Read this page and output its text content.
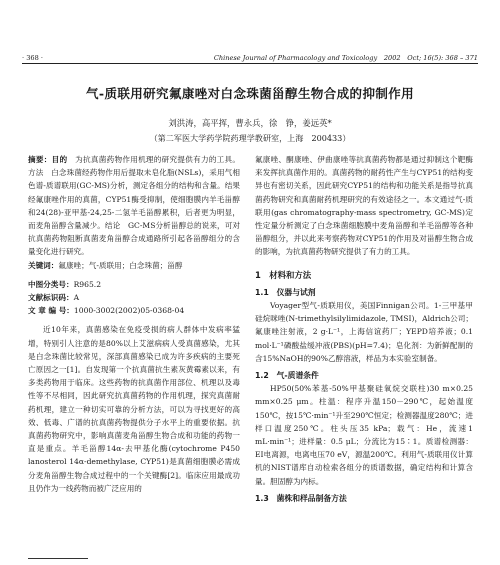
· 368 ·	Chinese Journal of Pharmacology and Toxicology　2002　Oct; 16(5): 368 – 371
气-质联用研究氟康唑对白念珠菌甾醇生物合成的抑制作用
刘洪涛，高平挥，曹永兵，徐　铮，姜远英*
（第二军医大学药学院药理学教研室，上海　200433）

摘要：目的　为抗真菌药物作用机理的研究提供有力的工具。方法　白念珠菌经药物作用后提取未皂化脂(NSLs)，采用气相色谱-质谱联用(GC-MS)分析，测定各组分的结构和含量。结果　经氟康唑作用的真菌，CYP51酶受抑制，使细胞膜内羊毛甾醇和24(28)-亚甲基-24,25-二氢羊毛甾醇累积，后者更为明显，而麦角甾醇含量减少。结论　GC-MS分析甾醇总的说来，可对抗真菌药物阻断真菌麦角甾醇合成通路所引起各甾醇组分的含量变化进行研究。

关键词：氟康唑；气-质联用；白念珠菌；甾醇

中图分类号：R965.2
文献标识码：A
文 章 编 号：1000-3002(2002)05-0368-04

近10年来，真菌感染在免疫受损的病人群体中发病率猛增，特别引人注意的是80%以上艾滋病病人受真菌感染，尤其是白念珠菌比较常见，深部真菌感染已成为许多疾病的主要死亡原因之一[1]。自发现第一个抗真菌抗生素灰黄霉素以来，有多类药物用于临床。这些药物的抗真菌作用部位、机理以及毒性等不尽相同，因此研究抗真菌药物的作用机理，探究真菌耐药机理，建立一种切实可靠的分析方法，可以为寻找更好的高效、低毒、广谱的抗真菌药物提供分子水平上的重要依据。抗真菌药物研究中，影响真菌麦角甾醇生物合成和功能的药物一直是重点。羊毛甾醇14α-去甲基化酶(cytochrome P450 lanosterol 14α-demethylase, CYP51)是真菌细胞膜必需成分麦角甾醇生物合成过程中的一个关键酶[2]。临床应用最成功且仍作为一线药物而被广泛应用的

氟康唑、酮康唑、伊曲康唑等抗真菌药物都是通过抑制这个靶酶来发挥抗真菌作用的。真菌药物的耐药性产生与CYP51的结构变异也有密切关系，因此研究CYP51的结构和功能关系是指导抗真菌药物研究和真菌耐药机理研究的有效途径之一。本文通过气-质联用(gas chromatography-mass spectrometry, GC-MS)定性定量分析测定了白念珠菌细胞膜中麦角甾醇和羊毛甾醇等各种甾醇组分，并以此来考察药物对CYP51的作用及对甾醇生物合成的影响，为抗真菌药物研究提供了有力的工具。

1　材料和方法
1.1　仪器与试剂

Voyager型气-质联用仪，美国Finnigan公司。1-三甲基甲硅烷咪唑(N-trimethylsilylimidazole, TMSI)，Aldrich公司；氟康唑注射液，2 g·L⁻¹，上海信谊药厂；YEPD培养液；0.1 mol·L⁻¹磷酸盐缓冲液(PBS)(pH=7.4)；皂化剂：为新鲜配制的含15%NaOH的90%乙醇溶液，样品为本实验室制备。

1.2　气-质谱条件

HP50(50%苯基-50%甲基聚硅氧烷交联柱)30 m×0.25 mm×0.25 μm。柱温：程序升温150－290℃，起始温度150℃，按15℃·min⁻¹升至290℃恒定；检测器温度280℃；进样口温度250℃。柱头压35 kPa；载气：He，流速1 mL·min⁻¹；进样量：0.5 μL；分流比为15∶1。质谱检测器：EI电离源，电离电压70 eV，源温200℃。利用气-质联用仪计算机的NIST谱库自动检索各组分的质谱数据，确定结构和计算含量。胆固醇为内标。

1.3　菌株和样品制备方法
